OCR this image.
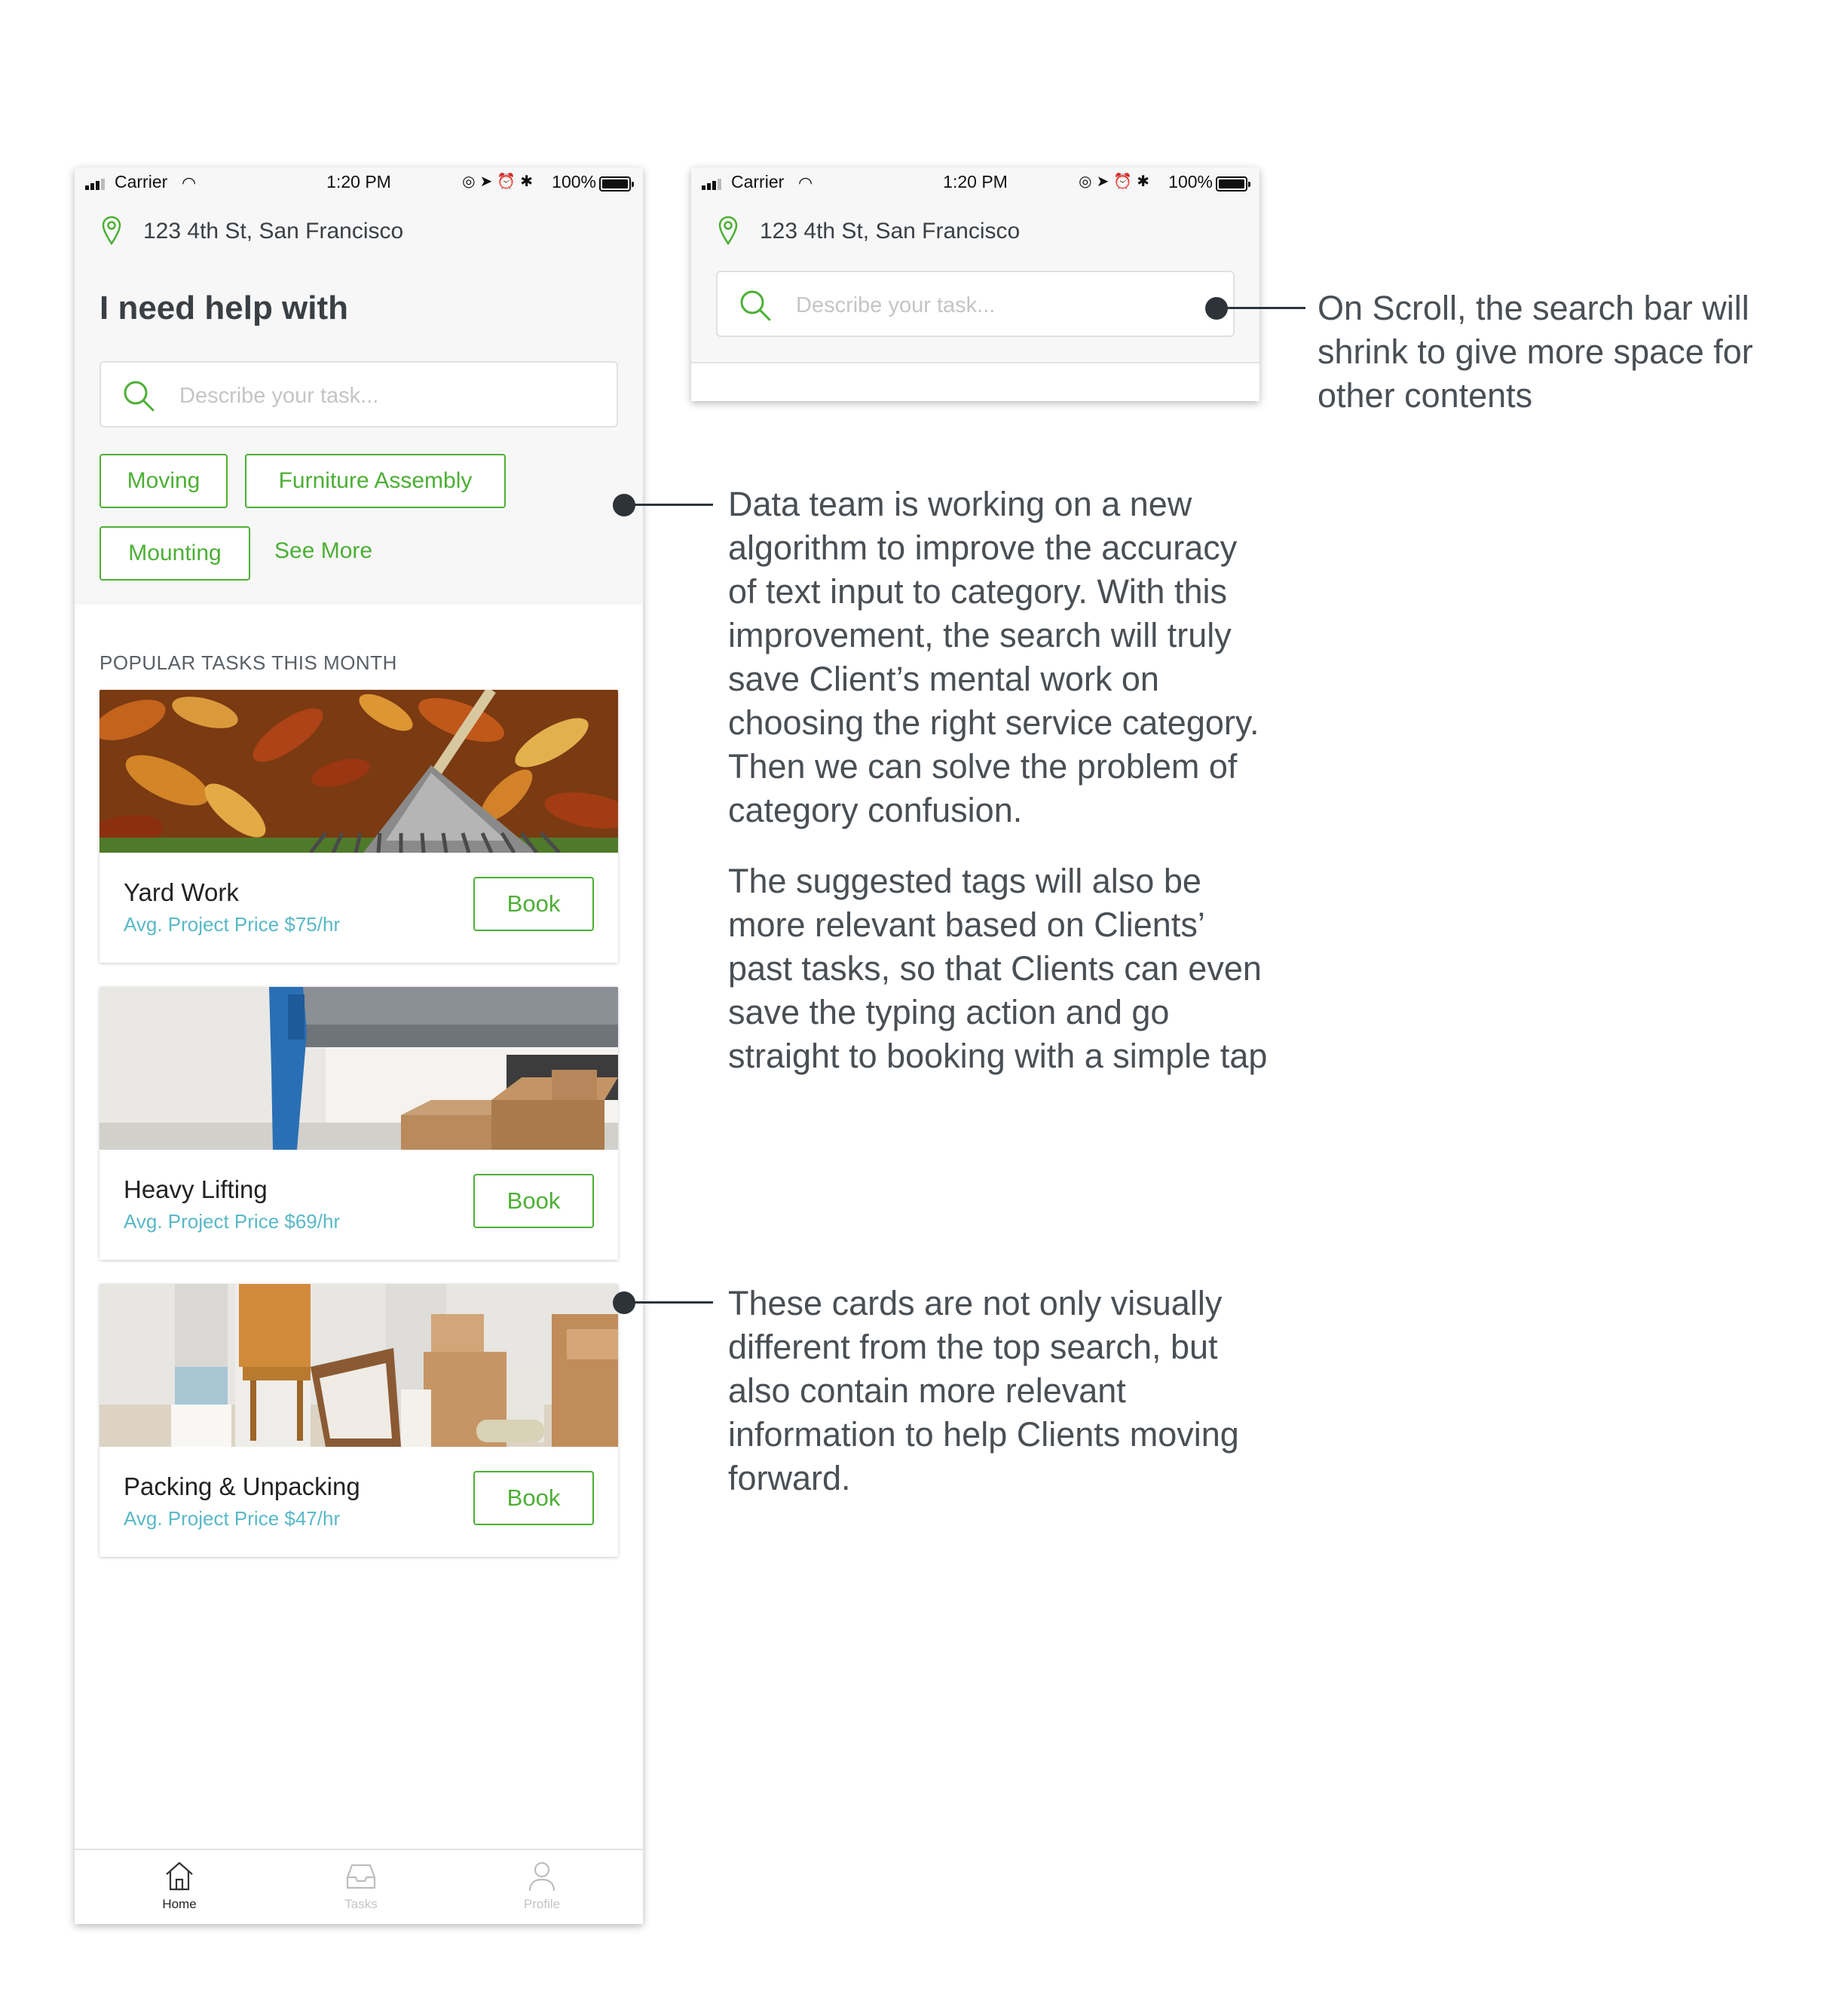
Carrier ◠	1:20 PM	◎➤⏰✱ 100%
123 4th St, San Francisco
I need help with
Describe your task...
Moving	Furniture Assembly
Mounting	See More
POPULAR TASKS THIS MONTH
Yard Work
Avg. Project Price $75/hr
Book
Heavy Lifting
Avg. Project Price $69/hr
Book
Packing & Unpacking
Avg. Project Price $47/hr
Book
Home	Tasks	Profile
Carrier ◠	1:20 PM	◎➤⏰✱ 100%
123 4th St, San Francisco
Describe your task...
On Scroll, the search bar will shrink to give more space for other contents

Data team is working on a new algorithm to improve the accuracy of text input to category. With this improvement, the search will truly save Client’s mental work on choosing the right service category. Then we can solve the problem of category confusion.

The suggested tags will also be more relevant based on Clients’ past tasks, so that Clients can even save the typing action and go straight to booking with a simple tap

These cards are not only visually different from the top search, but also contain more relevant information to help Clients moving forward.
